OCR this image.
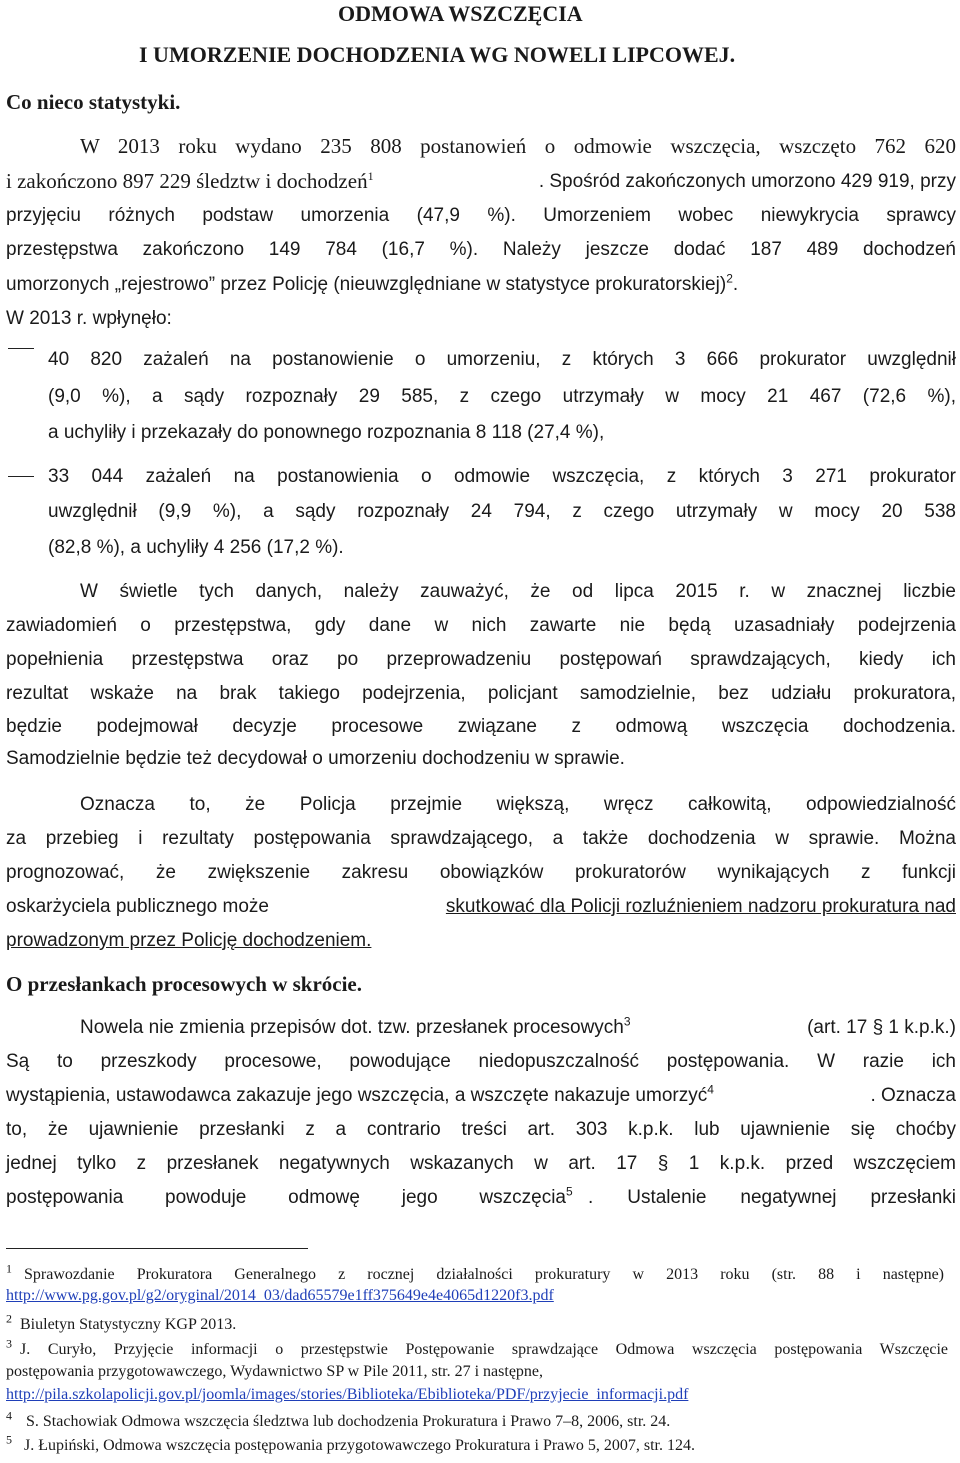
ODMOWA WSZCZĘCIA
I UMORZENIE DOCHODZENIA WG NOWELI LIPCOWEJ.
Co nieco statystyki.
W 2013 roku wydano 235 808 postanowień o odmowie wszczęcia, wszczęto 762 620
i zakończono 897 229 śledztw i dochodzeń$^1$	. Spośród zakończonych umorzono 429 919, przy
przyjęciu różnych podstaw umorzenia (47,9 %). Umorzeniem wobec niewykrycia sprawcy
przestępstwa zakończono 149 784 (16,7 %). Należy jeszcze dodać 187 489 dochodzeń
umorzonych „rejestrowo” przez Policję (nieuwzględniane w statystyce prokuratorskiej)$^2$.
W 2013 r. wpłynęło:
40 820 zażaleń na postanowienie o umorzeniu, z których 3 666 prokurator uwzględnił
(9,0 %), a sądy rozpoznały 29 585, z czego utrzymały w mocy 21 467 (72,6 %),
a uchyliły i przekazały do ponownego rozpoznania 8 118 (27,4 %),
33 044 zażaleń na postanowienia o odmowie wszczęcia, z których 3 271 prokurator
uwzględnił (9,9 %), a sądy rozpoznały 24 794, z czego utrzymały w mocy 20 538
(82,8 %), a uchyliły 4 256 (17,2 %).
W świetle tych danych, należy zauważyć, że od lipca 2015 r. w znacznej liczbie
zawiadomień o przestępstwa, gdy dane w nich zawarte nie będą uzasadniały podejrzenia
popełnienia przestępstwa oraz po przeprowadzeniu postępowań sprawdzających, kiedy ich
rezultat wskaże na brak takiego podejrzenia, policjant samodzielnie, bez udziału prokuratora,
będzie podejmował decyzje procesowe związane z odmową wszczęcia dochodzenia.
Samodzielnie będzie też decydował o umorzeniu dochodzeniu w sprawie.
Oznacza to, że Policja przejmie większą, wręcz całkowitą, odpowiedzialność
za przebieg i rezultaty postępowania sprawdzającego, a także dochodzenia w sprawie. Można
prognozować, że zwiększenie zakresu obowiązków prokuratorów wynikających z funkcji
oskarżyciela publicznego może	skutkować dla Policji rozluźnieniem nadzoru prokuratura nad
prowadzonym przez Policję dochodzeniem.
O przesłankach procesowych w skrócie.
Nowela nie zmienia przepisów dot. tzw. przesłanek procesowych$^3$	(art. 17 § 1 k.p.k.)
Są to przeszkody procesowe, powodujące niedopuszczalność postępowania. W razie ich
wystąpienia, ustawodawca zakazuje jego wszczęcia, a wszczęte nakazuje umorzyć$^4$	. Oznacza
to, że ujawnienie przesłanki z a contrario treści art. 303 k.p.k. lub ujawnienie się choćby
jednej tylko z przesłanek negatywnych wskazanych w art. 17 § 1 k.p.k. przed wszczęciem
postępowania powoduje odmowę jego wszczęcia$^5$ . Ustalenie negatywnej przesłanki
$^1$ Sprawozdanie Prokuratora Generalnego z rocznej działalności prokuratury w 2013 roku (str. 88 i następne)
http://www.pg.gov.pl/g2/oryginal/2014_03/dad65579e1ff375649e4e4065d1220f3.pdf
$^2$ Biuletyn Statystyczny KGP 2013.
$^3$ J. Curyło, Przyjęcie informacji o przestępstwie Postępowanie sprawdzające Odmowa wszczęcia postępowania Wszczęcie
postępowania przygotowawczego, Wydawnictwo SP w Pile 2011, str. 27 i następne,
http://pila.szkolapolicji.gov.pl/joomla/images/stories/Biblioteka/Ebiblioteka/PDF/przyjecie_informacji.pdf
$^4$ S. Stachowiak Odmowa wszczęcia śledztwa lub dochodzenia Prokuratura i Prawo 7–8, 2006, str. 24.
$^5$ J. Łupiński, Odmowa wszczęcia postępowania przygotowawczego Prokuratura i Prawo 5, 2007, str. 124.
